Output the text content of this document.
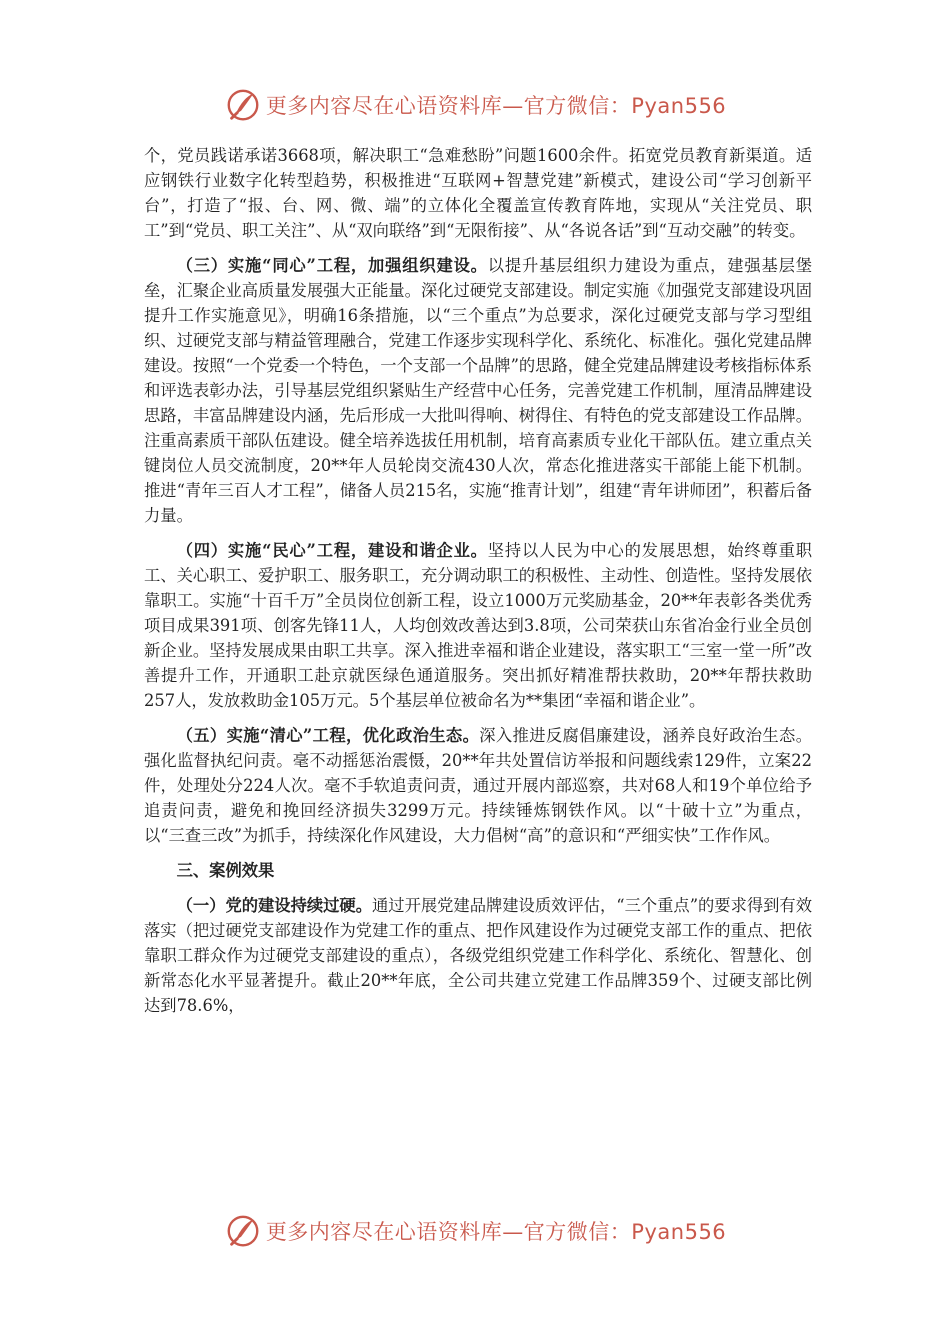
更多内容尽在心语资料库—官方微信：Pyan556

个，党员践诺承诺3668项，解决职工“急难愁盼”问题1600余件。拓宽党员教育新渠道。适应钢铁行业数字化转型趋势，积极推进“互联网+智慧党建”新模式，建设公司“学习创新平台”，打造了“报、台、网、微、端”的立体化全覆盖宣传教育阵地，实现从“关注党员、职工”到“党员、职工关注”、从“双向联络”到“无限衔接”、从“各说各话”到“互动交融”的转变。

（三）实施“同心”工程，加强组织建设。以提升基层组织力建设为重点，建强基层堡垒，汇聚企业高质量发展强大正能量。深化过硬党支部建设。制定实施《加强党支部建设巩固提升工作实施意见》，明确16条措施，以“三个重点”为总要求，深化过硬党支部与学习型组织、过硬党支部与精益管理融合，党建工作逐步实现科学化、系统化、标准化。强化党建品牌建设。按照“一个党委一个特色，一个支部一个品牌”的思路，健全党建品牌建设考核指标体系和评选表彰办法，引导基层党组织紧贴生产经营中心任务，完善党建工作机制，厘清品牌建设思路，丰富品牌建设内涵，先后形成一大批叫得响、树得住、有特色的党支部建设工作品牌。注重高素质干部队伍建设。健全培养选拔任用机制，培育高素质专业化干部队伍。建立重点关键岗位人员交流制度，20**年人员轮岗交流430人次，常态化推进落实干部能上能下机制。推进“青年三百人才工程”，储备人员215名，实施“推青计划”，组建“青年讲师团”，积蓄后备力量。

（四）实施“民心”工程，建设和谐企业。坚持以人民为中心的发展思想，始终尊重职工、关心职工、爱护职工、服务职工，充分调动职工的积极性、主动性、创造性。坚持发展依靠职工。实施“十百千万”全员岗位创新工程，设立1000万元奖励基金，20**年表彰各类优秀项目成果391项、创客先锋11人，人均创效改善达到3.8项，公司荣获山东省冶金行业全员创新企业。坚持发展成果由职工共享。深入推进幸福和谐企业建设，落实职工“三室一堂一所”改善提升工作，开通职工赴京就医绿色通道服务。突出抓好精准帮扶救助，20**年帮扶救助257人，发放救助金105万元。5个基层单位被命名为**集团“幸福和谐企业”。

（五）实施“清心”工程，优化政治生态。深入推进反腐倡廉建设，涵养良好政治生态。强化监督执纪问责。毫不动摇惩治震慑，20**年共处置信访举报和问题线索129件，立案22件，处理处分224人次。毫不手软追责问责，通过开展内部巡察，共对68人和19个单位给予追责问责，避免和挽回经济损失3299万元。持续锤炼钢铁作风。以“十破十立”为重点，以“三查三改”为抓手，持续深化作风建设，大力倡树“高”的意识和“严细实快”工作作风。

三、案例效果

（一）党的建设持续过硬。通过开展党建品牌建设质效评估，“三个重点”的要求得到有效落实（把过硬党支部建设作为党建工作的重点、把作风建设作为过硬党支部工作的重点、把依靠职工群众作为过硬党支部建设的重点），各级党组织党建工作科学化、系统化、智慧化、创新常态化水平显著提升。截止20**年底，全公司共建立党建工作品牌359个、过硬支部比例达到78.6%，

更多内容尽在心语资料库—官方微信：Pyan556
